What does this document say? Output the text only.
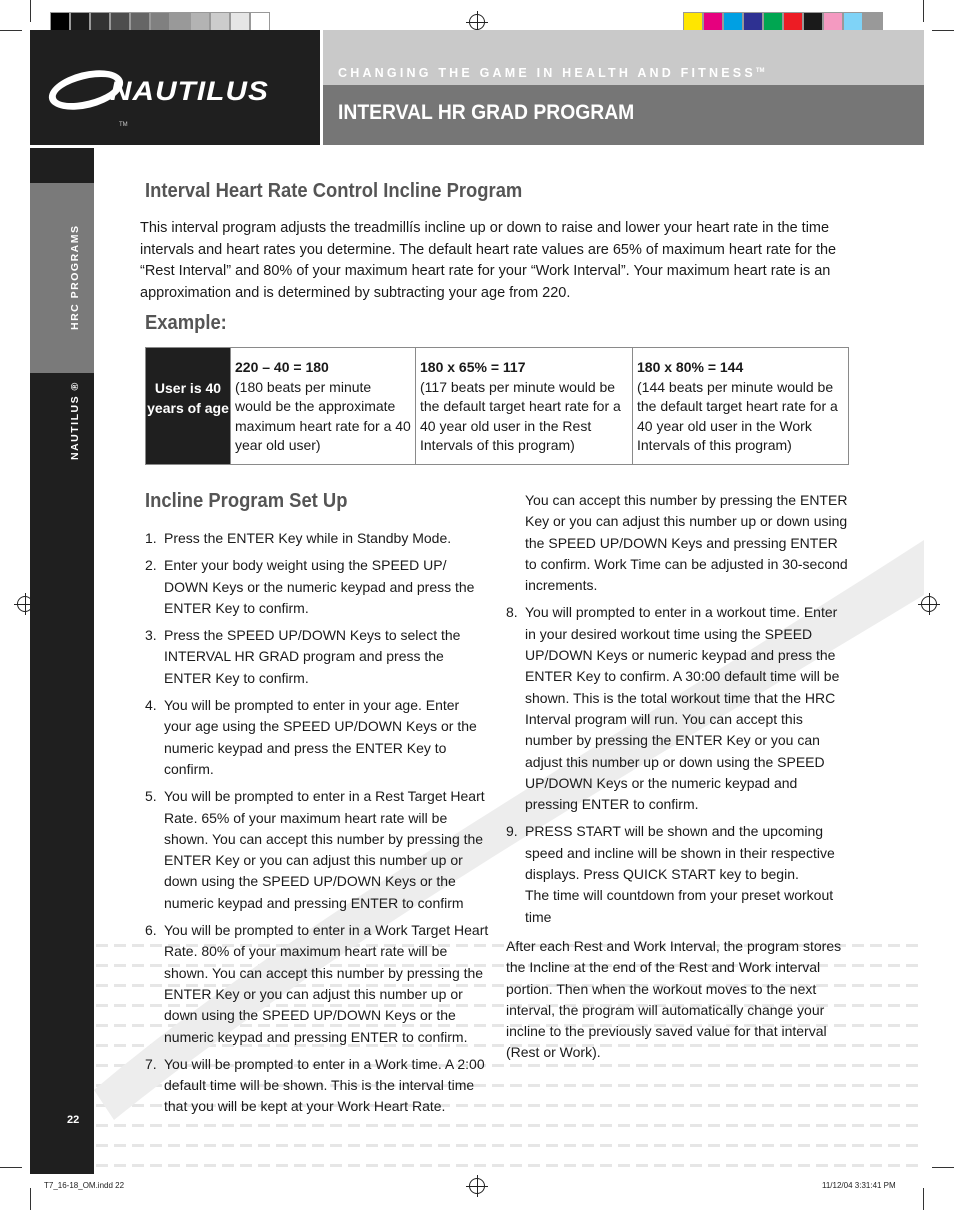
NAUTILUS
TM
CHANGING THE GAME IN HEALTH AND FITNESS™
INTERVAL HR GRAD PROGRAM
HRC PROGRAMS
NAUTILUS ®
22
Interval Heart Rate Control Incline Program

This interval program adjusts the treadmillís incline up or down to raise and lower your heart rate in the time intervals and heart rates you determine. The default heart rate values are 65% of maximum heart rate for the “Rest Interval” and 80% of your maximum heart rate for your “Work Interval”. Your maximum heart rate is an approximation and is determined by subtracting your age from 220.

Example:
User is 40 years of age
220 – 40 = 180
(180 beats per minute would be the approximate maximum heart rate for a 40 year old user)
180 x 65% = 117
(117 beats per minute would be the default target heart rate for a 40 year old user in the Rest Intervals of this program)
180 x 80% = 144
(144 beats per minute would be the default target heart rate for a 40 year old user in the Work Intervals of this program)
Incline Program Set Up
1. Press the ENTER Key while in Standby Mode.
2. Enter your body weight using the SPEED UP/ DOWN Keys or the numeric keypad and press the ENTER Key to confirm.
3. Press the SPEED UP/DOWN Keys to select the INTERVAL HR GRAD program and press the ENTER Key to confirm.
4. You will be prompted to enter in your age. Enter your age using the SPEED UP/DOWN Keys or the numeric keypad and press the ENTER Key to confirm.
5. You will be prompted to enter in a Rest Target Heart Rate. 65% of your maximum heart rate will be shown. You can accept this number by pressing the ENTER Key or you can adjust this number up or down using the SPEED UP/DOWN Keys or the numeric keypad and pressing ENTER to confirm
6. You will be prompted to enter in a Work Target Heart Rate. 80% of your maximum heart rate will be shown. You can accept this number by pressing the ENTER Key or you can adjust this number up or down using the SPEED UP/DOWN Keys or the numeric keypad and pressing ENTER to confirm.
7. You will be prompted to enter in a Work time. A 2:00 default time will be shown. This is the interval time that you will be kept at your Work Heart Rate.
You can accept this number by pressing the ENTER Key or you can adjust this number up or down using the SPEED UP/DOWN Keys and pressing ENTER to confirm. Work Time can be adjusted in 30-second increments.
8. You will prompted to enter in a workout time. Enter in your desired workout time using the SPEED UP/DOWN Keys or numeric keypad and press the ENTER Key to confirm. A 30:00 default time will be shown. This is the total workout time that the HRC Interval program will run. You can accept this number by pressing the ENTER Key or you can adjust this number up or down using the SPEED UP/DOWN Keys or the numeric keypad and pressing ENTER to confirm.
9. PRESS START will be shown and the upcoming speed and incline will be shown in their respective displays. Press QUICK START key to begin.
The time will countdown from your preset workout time

After each Rest and Work Interval, the program stores the Incline at the end of the Rest and Work interval portion. Then when the workout moves to the next interval, the program will automatically change your incline to the previously saved value for that interval (Rest or Work).

T7_16-18_OM.indd 22	11/12/04 3:31:41 PM
